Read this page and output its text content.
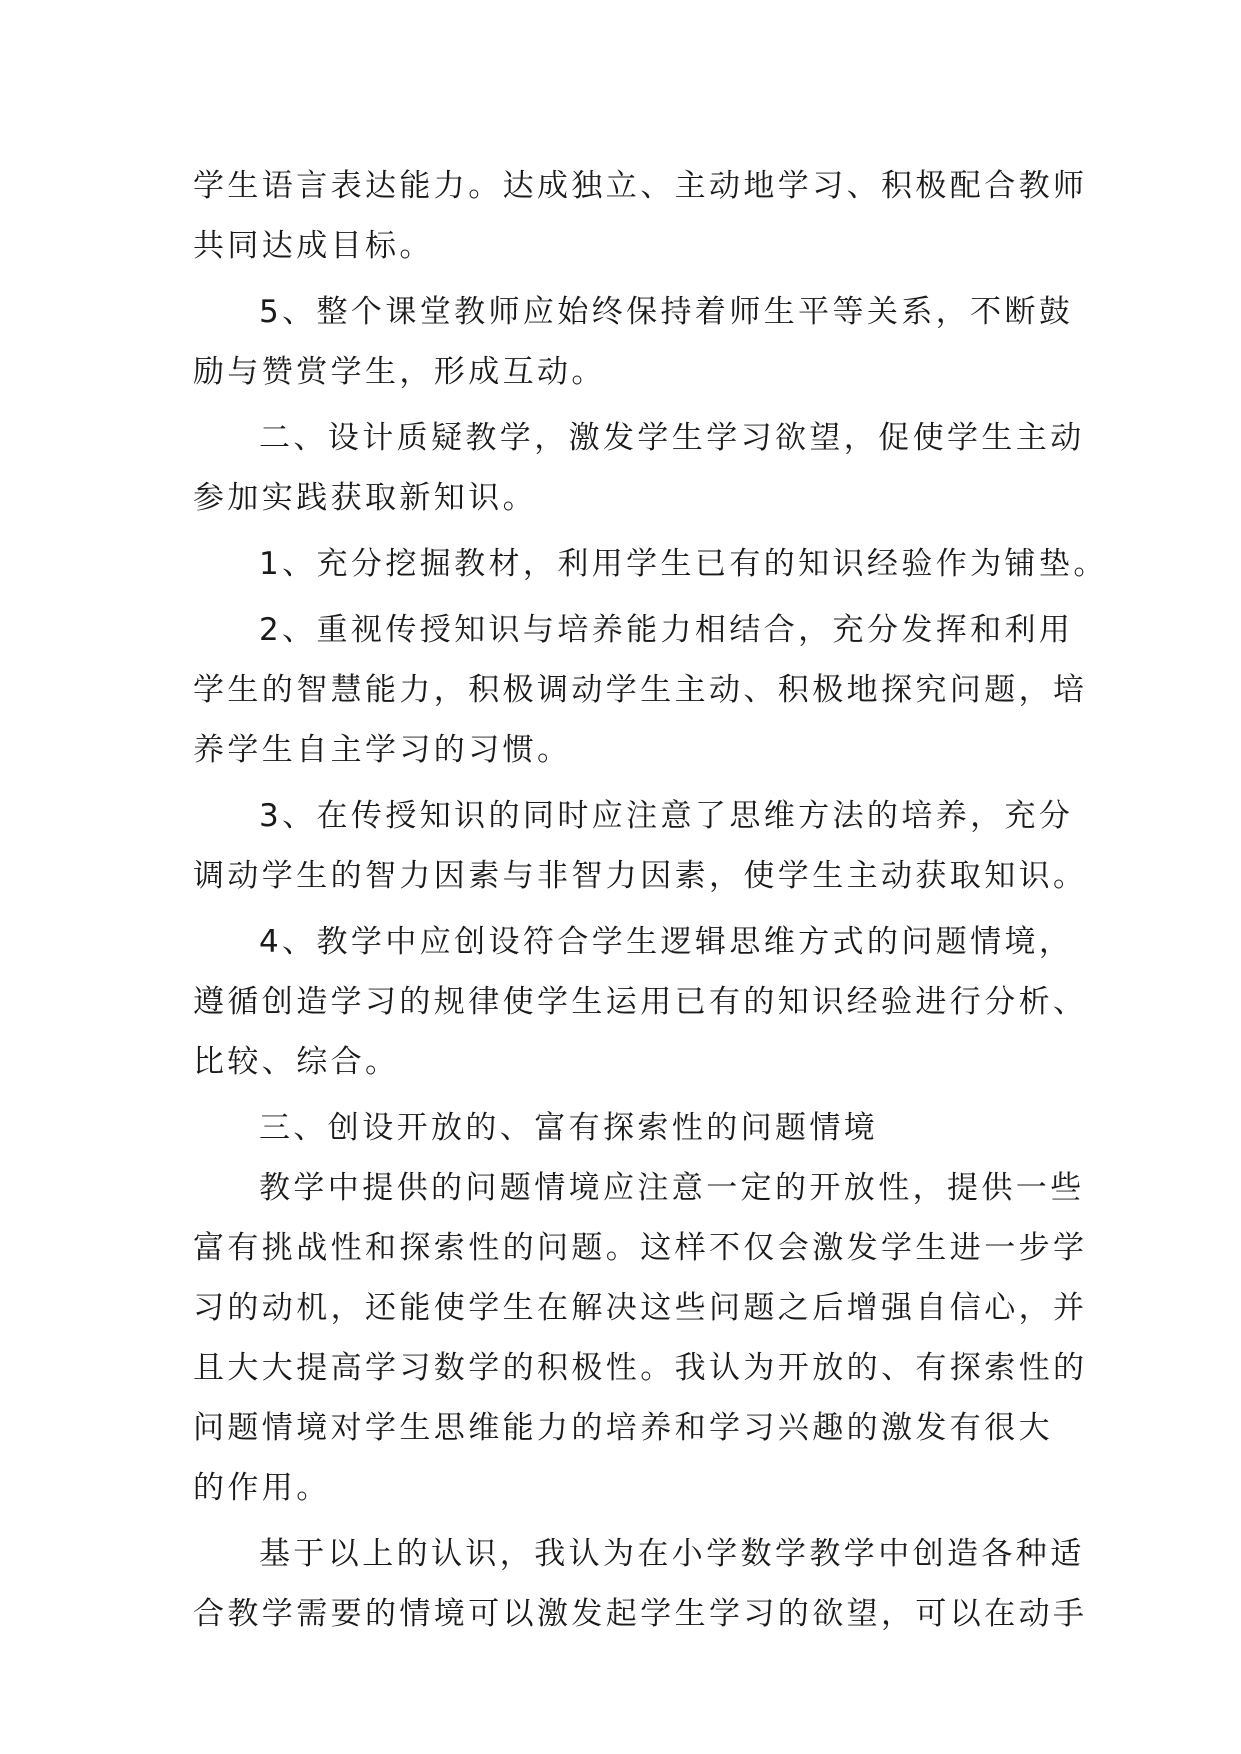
学生语言表达能力。达成独立、主动地学习、积极配合教师
共同达成目标。
5、整个课堂教师应始终保持着师生平等关系，不断鼓
励与赞赏学生，形成互动。
二、设计质疑教学，激发学生学习欲望，促使学生主动
参加实践获取新知识。
1、充分挖掘教材，利用学生已有的知识经验作为铺垫。
2、重视传授知识与培养能力相结合，充分发挥和利用
学生的智慧能力，积极调动学生主动、积极地探究问题，培
养学生自主学习的习惯。
3、在传授知识的同时应注意了思维方法的培养，充分
调动学生的智力因素与非智力因素，使学生主动获取知识。
4、教学中应创设符合学生逻辑思维方式的问题情境，
遵循创造学习的规律使学生运用已有的知识经验进行分析、
比较、综合。
三、创设开放的、富有探索性的问题情境
教学中提供的问题情境应注意一定的开放性，提供一些
富有挑战性和探索性的问题。这样不仅会激发学生进一步学
习的动机，还能使学生在解决这些问题之后增强自信心，并
且大大提高学习数学的积极性。我认为开放的、有探索性的
问题情境对学生思维能力的培养和学习兴趣的激发有很大
的作用。
基于以上的认识，我认为在小学数学教学中创造各种适
合教学需要的情境可以激发起学生学习的欲望，可以在动手
